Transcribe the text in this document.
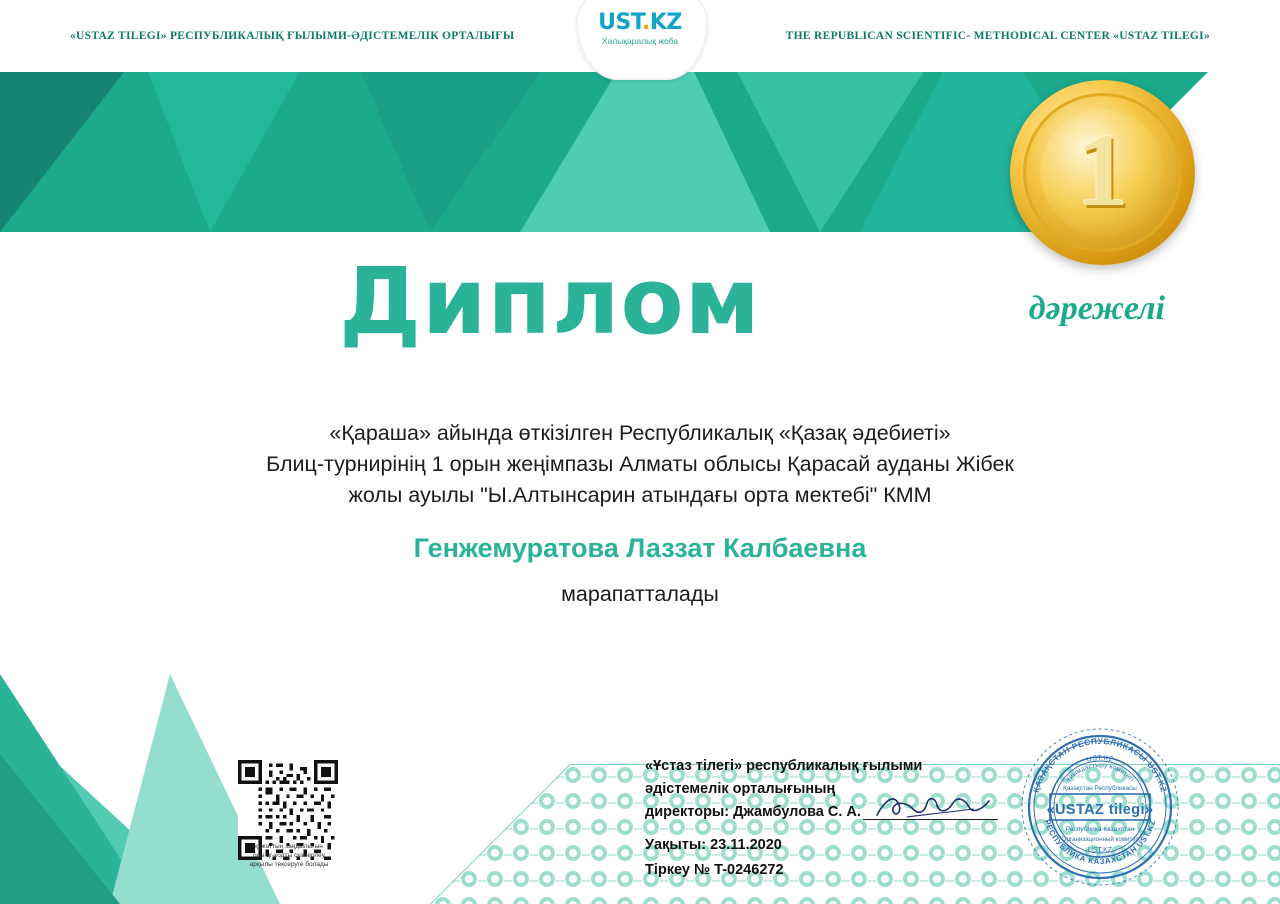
«USTAZ TILEGI» РЕСПУБЛИКАЛЫҚ ҒЫЛЫМИ-ӘДІСТЕМЕЛІК ОРТАЛЫҒЫ	THE REPUBLICAN SCIENTIFIC- METHODICAL CENTER «USTAZ TILEGI»
UST.KZ
Халықаралық жоба
1
дәрежелі
Диплом
«Қараша» айында өткізілген Республикалық «Қазақ әдебиеті»
Блиц-турнирінің 1 орын жеңімпазы Алматы облысы Қарасай ауданы Жібек
жолы ауылы "Ы.Алтынсарин атындағы орта мектебі" КММ
Генжемуратова Лаззат Калбаевна
марапатталады
құжаттың заңдылығын
осы qr-кодты сканерлеу
арқылы тексеруге болады
«Ұстаз тілегі» республикалық ғылыми
әдістемелік орталығының
директоры: Джамбулова С. А.
Уақыты: 23.11.2020
Тіркеу № T-0246272
ҚАЗАҚСТАН РЕСПУБЛИКАСЫ UST.KZ
UST.KZ
Ұйымдастыру комитеті
Қазақстан Республикасы
«USTAZ tilegi»
Республика Казахстан
Организационный комитет
UST.KZ
РЕСПУБЛИКА КАЗАХСТАН UST.KZ
